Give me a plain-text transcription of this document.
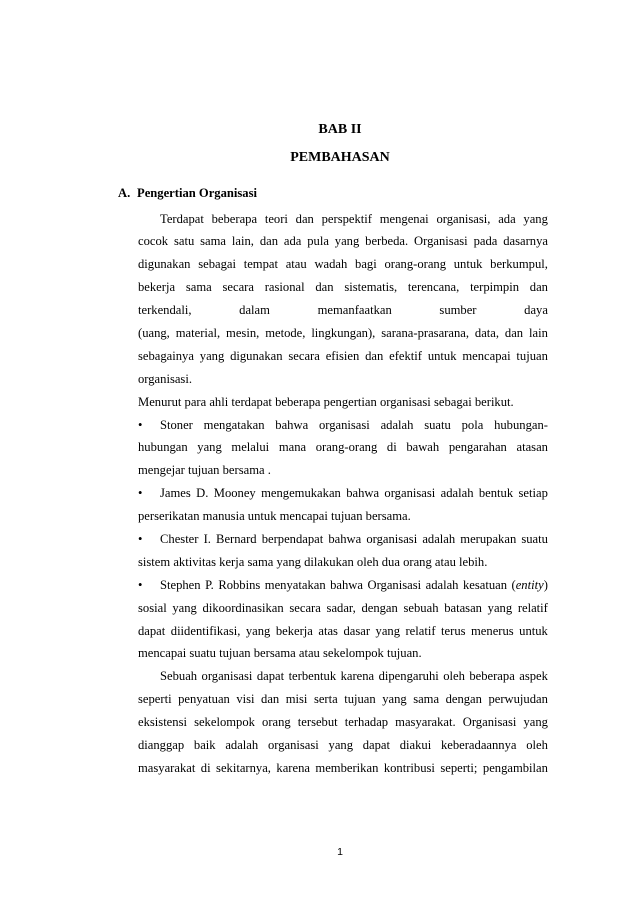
BAB II
PEMBAHASAN
A. Pengertian Organisasi
Terdapat beberapa teori dan perspektif mengenai organisasi, ada yang
cocok satu sama lain, dan ada pula yang berbeda. Organisasi pada dasarnya
digunakan sebagai tempat atau wadah bagi orang-orang untuk berkumpul,
bekerja sama secara rasional dan sistematis, terencana, terpimpin dan
terkendali,	dalam	memanfaatkan	sumber	daya
(uang, material, mesin, metode, lingkungan), sarana-prasarana, data, dan lain
sebagainya yang digunakan secara efisien dan efektif untuk mencapai tujuan
organisasi.
Menurut para ahli terdapat beberapa pengertian organisasi sebagai berikut.
•	Stoner mengatakan bahwa organisasi adalah suatu pola hubungan-
hubungan yang melalui mana orang-orang di bawah pengarahan atasan
mengejar tujuan bersama .
•	James D. Mooney mengemukakan bahwa organisasi adalah bentuk setiap
perserikatan manusia untuk mencapai tujuan bersama.
•	Chester I. Bernard berpendapat bahwa organisasi adalah merupakan suatu
sistem aktivitas kerja sama yang dilakukan oleh dua orang atau lebih.
•	Stephen P. Robbins menyatakan bahwa Organisasi adalah kesatuan (entity)
sosial yang dikoordinasikan secara sadar, dengan sebuah batasan yang relatif
dapat diidentifikasi, yang bekerja atas dasar yang relatif terus menerus untuk
mencapai suatu tujuan bersama atau sekelompok tujuan.
Sebuah organisasi dapat terbentuk karena dipengaruhi oleh beberapa aspek
seperti penyatuan visi dan misi serta tujuan yang sama dengan perwujudan
eksistensi sekelompok orang tersebut terhadap masyarakat. Organisasi yang
dianggap baik adalah organisasi yang dapat diakui keberadaannya oleh
masyarakat di sekitarnya, karena memberikan kontribusi seperti; pengambilan
1
